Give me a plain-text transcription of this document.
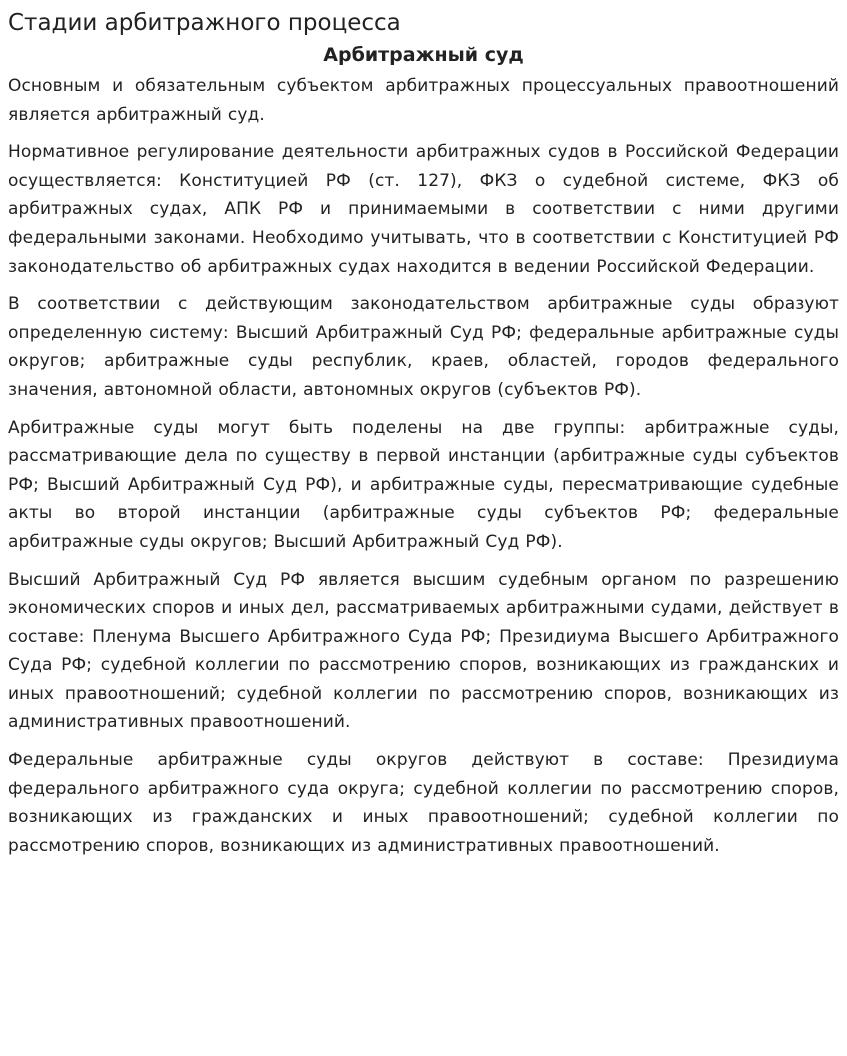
Стадии арбитражного процесса
Арбитражный суд

Основным и обязательным субъектом арбитражных процессуальных правоотношений является арбитражный суд.

Нормативное регулирование деятельности арбитражных судов в Российской Федерации осуществляется: Конституцией РФ (ст. 127), ФКЗ о судебной системе, ФКЗ об арбитражных судах, АПК РФ и принимаемыми в соответствии с ними другими федеральными законами. Необходимо учитывать, что в соответствии с Конституцией РФ законодательство об арбитражных судах находится в ведении Российской Федерации.

В соответствии с действующим законодательством арбитражные суды образуют определенную систему: Высший Арбитражный Суд РФ; федеральные арбитражные суды округов; арбитражные суды республик, краев, областей, городов федерального значения, автономной области, автономных округов (субъектов РФ).

Арбитражные суды могут быть поделены на две группы: арбитражные суды, рассматривающие дела по существу в первой инстанции (арбитражные суды субъектов РФ; Высший Арбитражный Суд РФ), и арбитражные суды, пересматривающие судебные акты во второй инстанции (арбитражные суды субъектов РФ; федеральные арбитражные суды округов; Высший Арбитражный Суд РФ).

Высший Арбитражный Суд РФ является высшим судебным органом по разрешению экономических споров и иных дел, рассматриваемых арбитражными судами, действует в составе: Пленума Высшего Арбитражного Суда РФ; Президиума Высшего Арбитражного Суда РФ; судебной коллегии по рассмотрению споров, возникающих из гражданских и иных правоотношений; судебной коллегии по рассмотрению споров, возникающих из административных правоотношений.

Федеральные арбитражные суды округов действуют в составе: Президиума федерального арбитражного суда округа; судебной коллегии по рассмотрению споров, возникающих из гражданских и иных правоотношений; судебной коллегии по рассмотрению споров, возникающих из административных правоотношений.
